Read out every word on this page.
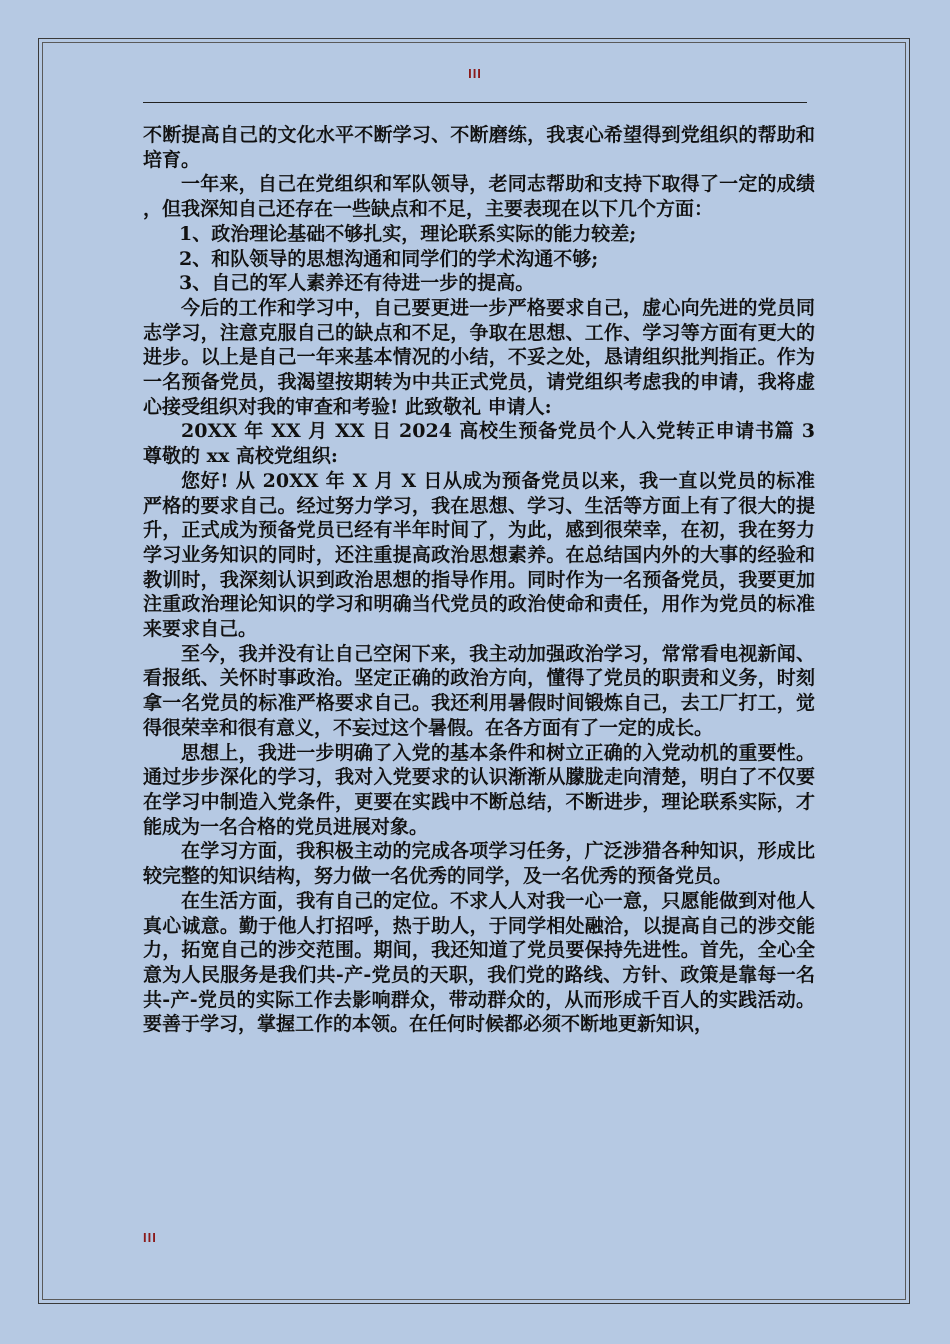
III

不断提高自己的文化水平不断学习、不断磨练，我衷心希望得到党组织的帮助和培育。

一年来，自己在党组织和军队领导，老同志帮助和支持下取得了一定的成绩，但我深知自己还存在一些缺点和不足，主要表现在以下几个方面：

1、政治理论基础不够扎实，理论联系实际的能力较差;

2、和队领导的思想沟通和同学们的学术沟通不够;

3、自己的军人素养还有待进一步的提高。

今后的工作和学习中，自己要更进一步严格要求自己，虚心向先进的党员同志学习，注意克服自己的缺点和不足，争取在思想、工作、学习等方面有更大的进步。以上是自己一年来基本情况的小结，不妥之处，恳请组织批判指正。作为一名预备党员，我渴望按期转为中共正式党员，请党组织考虑我的申请，我将虚心接受组织对我的审查和考验! 此致敬礼 申请人:

20XX 年 XX 月 XX 日 2024 高校生预备党员个人入党转正申请书篇 3 尊敬的 xx 高校党组织:

您好! 从 20XX 年 X 月 X 日从成为预备党员以来，我一直以党员的标准严格的要求自己。经过努力学习，我在思想、学习、生活等方面上有了很大的提升，正式成为预备党员已经有半年时间了，为此，感到很荣幸，在初，我在努力学习业务知识的同时，还注重提高政治思想素养。在总结国内外的大事的经验和教训时，我深刻认识到政治思想的指导作用。同时作为一名预备党员，我要更加注重政治理论知识的学习和明确当代党员的政治使命和责任，用作为党员的标准来要求自己。

至今，我并没有让自己空闲下来，我主动加强政治学习，常常看电视新闻、看报纸、关怀时事政治。坚定正确的政治方向，懂得了党员的职责和义务，时刻拿一名党员的标准严格要求自己。我还利用暑假时间锻炼自己，去工厂打工，觉得很荣幸和很有意义，不妄过这个暑假。在各方面有了一定的成长。

思想上，我进一步明确了入党的基本条件和树立正确的入党动机的重要性。通过步步深化的学习，我对入党要求的认识渐渐从朦胧走向清楚，明白了不仅要在学习中制造入党条件，更要在实践中不断总结，不断进步，理论联系实际，才能成为一名合格的党员进展对象。

在学习方面，我积极主动的完成各项学习任务，广泛涉猎各种知识，形成比较完整的知识结构，努力做一名优秀的同学，及一名优秀的预备党员。

在生活方面，我有自己的定位。不求人人对我一心一意，只愿能做到对他人真心诚意。勤于他人打招呼，热于助人，于同学相处融洽，以提高自己的涉交能力，拓宽自己的涉交范围。期间，我还知道了党员要保持先进性。首先，全心全意为人民服务是我们共-产-党员的天职，我们党的路线、方针、政策是靠每一名共-产-党员的实际工作去影响群众，带动群众的，从而形成千百人的实践活动。要善于学习，掌握工作的本领。在任何时候都必须不断地更新知识，

III
